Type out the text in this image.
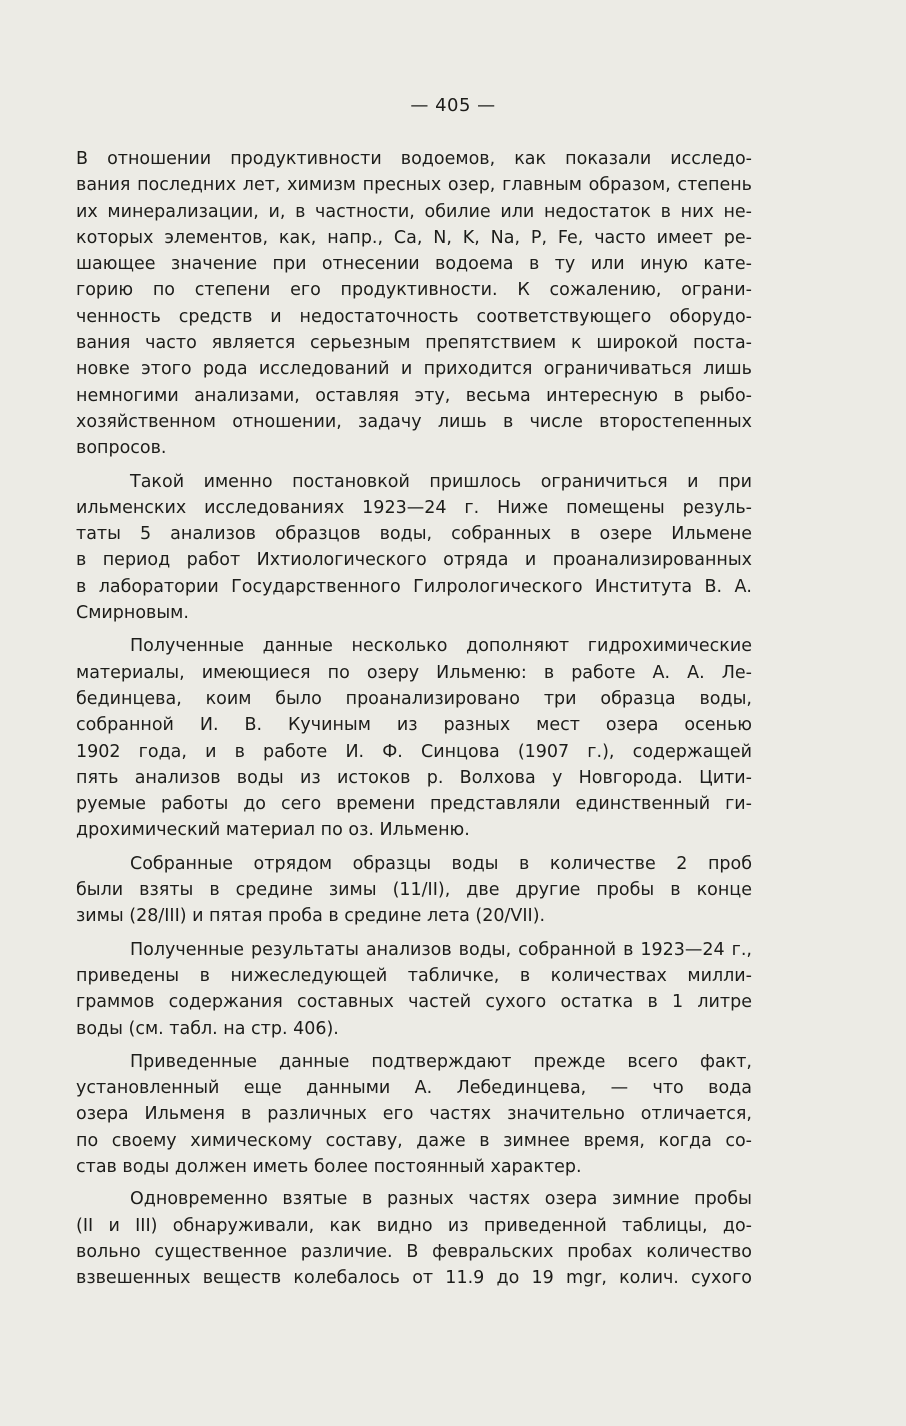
— 405 —
В отношении продуктивности водоемов, как показали исследо-
вания последних лет, химизм пресных озер, главным образом, степень
их минерализации, и, в частности, обилие или недостаток в них не-
которых элементов, как, напр., Ca, N, K, Na, P, Fe, часто имеет ре-
шающее значение при отнесении водоема в ту или иную кате-
горию по степени его продуктивности. К сожалению, ограни-
ченность средств и недостаточность соответствующего оборудо-
вания часто является серьезным препятствием к широкой поста-
новке этого рода исследований и приходится ограничиваться лишь
немногими анализами, оставляя эту, весьма интересную в рыбо-
хозяйственном отношении, задачу лишь в числе второстепенных
вопросов.
Такой именно постановкой пришлось ограничиться и при
ильменских исследованиях 1923—24 г. Ниже помещены резуль-
таты 5 анализов образцов воды, собранных в озере Ильмене
в период работ Ихтиологического отряда и проанализированных
в лаборатории Государственного Гилрологического Института В. А.
Смирновым.
Полученные данные несколько дополняют гидрохимические
материалы, имеющиеся по озеру Ильменю: в работе А. А. Ле-
бединцева, коим было проанализировано три образца воды,
собранной И. В. Кучиным из разных мест озера осенью
1902 года, и в работе И. Ф. Синцова (1907 г.), содержащей
пять анализов воды из истоков р. Волхова у Новгорода. Цити-
руемые работы до сего времени представляли единственный ги-
дрохимический материал по оз. Ильменю.
Собранные отрядом образцы воды в количестве 2 проб
были взяты в средине зимы (11/II), две другие пробы в конце
зимы (28/III) и пятая проба в средине лета (20/VII).
Полученные результаты анализов воды, собранной в 1923—24 г.,
приведены в нижеследующей табличке, в количествах милли-
граммов содержания составных частей сухого остатка в 1 литре
воды (см. табл. на стр. 406).
Приведенные данные подтверждают прежде всего факт,
установленный еще данными А. Лебединцева, — что вода
озера Ильменя в различных его частях значительно отличается,
по своему химическому составу, даже в зимнее время, когда со-
став воды должен иметь более постоянный характер.
Одновременно взятые в разных частях озера зимние пробы
(II и III) обнаруживали, как видно из приведенной таблицы, до-
вольно существенное различие. В февральских пробах количество
взвешенных веществ колебалось от 11.9 до 19 mgr, колич. сухого
